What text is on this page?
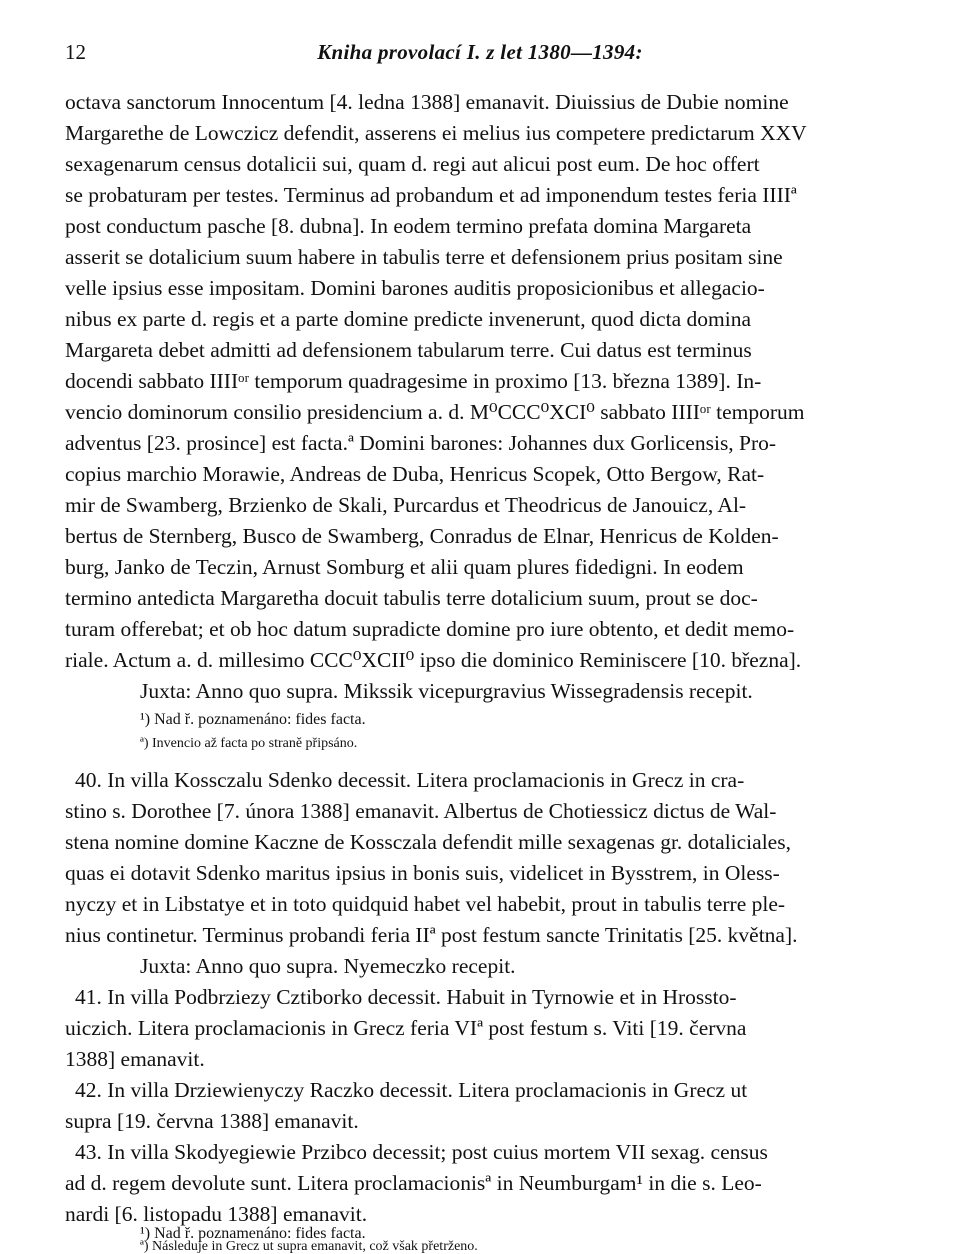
12	Kniha provolací I. z let 1380—1394:
octava sanctorum Innocentum [4. ledna 1388] emanavit. Diuissius de Dubie nomine
Margarethe de Lowczicz defendit, asserens ei melius ius competere predictarum XXV
sexagenarum census dotalicii sui, quam d. regi aut alicui post eum. De hoc offert
se probaturam per testes. Terminus ad probandum et ad imponendum testes feria IIIIª
post conductum pasche [8. dubna]. In eodem termino prefata domina Margareta
asserit se dotalicium suum habere in tabulis terre et defensionem prius positam sine
velle ipsius esse impositam. Domini barones auditis proposicionibus et allegacio-
nibus ex parte d. regis et a parte domine predicte invenerunt, quod dicta domina
Margareta debet admitti ad defensionem tabularum terre. Cui datus est terminus
docendi sabbato IIIIᵒʳ temporum quadragesime in proximo [13. března 1389]. In-
vencio dominorum consilio presidencium a. d. M⁰CCC⁰XCI⁰ sabbato IIIIᵒʳ temporum
adventus [23. prosince] est facta.ª Domini barones: Johannes dux Gorlicensis, Pro-
copius marchio Morawie, Andreas de Duba, Henricus Scopek, Otto Bergow, Rat-
mir de Swamberg, Brzienko de Skali, Purcardus et Theodricus de Janouicz, Al-
bertus de Sternberg, Busco de Swamberg, Conradus de Elnar, Henricus de Kolden-
burg, Janko de Teczin, Arnust Somburg et alii quam plures fidedigni. In eodem
termino antedicta Margaretha docuit tabulis terre dotalicium suum, prout se doc-
turam offerebat; et ob hoc datum supradicte domine pro iure obtento, et dedit memo-
riale. Actum a. d. millesimo CCC⁰XCII⁰ ipso die dominico Reminiscere [10. března].
Juxta: Anno quo supra. Mikssik vicepurgravius Wissegradensis recepit.
¹) Nad ř. poznamenáno: fides facta.
ª) Invencio až facta po straně připsáno.
40. In villa Kossczalu Sdenko decessit. Litera proclamacionis in Grecz in cra-
stino s. Dorothee [7. února 1388] emanavit. Albertus de Chotiessicz dictus de Wal-
stena nomine domine Kaczne de Kossczala defendit mille sexagenas gr. dotaliciales,
quas ei dotavit Sdenko maritus ipsius in bonis suis, videlicet in Bysstrem, in Oless-
nyczy et in Libstatye et in toto quidquid habet vel habebit, prout in tabulis terre ple-
nius continetur. Terminus probandi feria IIª post festum sancte Trinitatis [25. května].
Juxta: Anno quo supra. Nyemeczko recepit.
41. In villa Podbrziezy Cztiborko decessit. Habuit in Tyrnowie et in Hrossto-
uiczich. Litera proclamacionis in Grecz feria VIª post festum s. Viti [19. června
1388] emanavit.
42. In villa Drziewienyczy Raczko decessit. Litera proclamacionis in Grecz ut
supra [19. června 1388] emanavit.
43. In villa Skodyegiewie Przibco decessit; post cuius mortem VII sexag. census
ad d. regem devolute sunt. Litera proclamacionisª in Neumburgam¹ in die s. Leo-
nardi [6. listopadu 1388] emanavit.
¹) Nad ř. poznamenáno: fides facta.
ª) Následuje in Grecz ut supra emanavit, což však přetrženo.
